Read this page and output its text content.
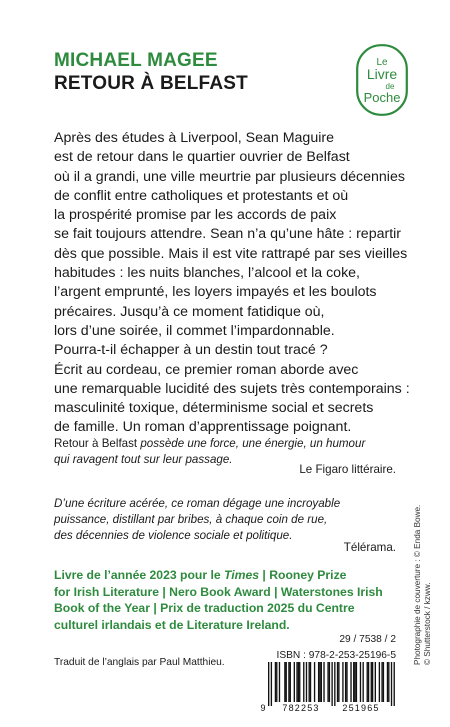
MICHAEL MAGEE
RETOUR À BELFAST
Le
Livre
de
Poche

Après des études à Liverpool, Sean Maguire
est de retour dans le quartier ouvrier de Belfast
où il a grandi, une ville meurtrie par plusieurs décennies
de conflit entre catholiques et protestants et où
la prospérité promise par les accords de paix
se fait toujours attendre. Sean n’a qu’une hâte : repartir
dès que possible. Mais il est vite rattrapé par ses vieilles
habitudes : les nuits blanches, l’alcool et la coke,
l’argent emprunté, les loyers impayés et les boulots
précaires. Jusqu’à ce moment fatidique où,
lors d’une soirée, il commet l’impardonnable.
Pourra-t-il échapper à un destin tout tracé ?
Écrit au cordeau, ce premier roman aborde avec
une remarquable lucidité des sujets très contemporains :
masculinité toxique, déterminisme social et secrets
de famille. Un roman d’apprentissage poignant.

Retour à Belfast possède une force, une énergie, un humour
qui ravagent tout sur leur passage.

Le Figaro littéraire.

D’une écriture acérée, ce roman dégage une incroyable
puissance, distillant par bribes, à chaque coin de rue,
des décennies de violence sociale et politique.

Télérama.

Livre de l’année 2023 pour le Times | Rooney Prize
for Irish Literature | Nero Book Award | Waterstones Irish
Book of the Year | Prix de traduction 2025 du Centre
culturel irlandais et de Literature Ireland.	Photographie de couverture : © Enda Bowe. © Shutterstock / kzww.
29 / 7538 / 2
ISBN : 978-2-253-25196-5

Traduit de l’anglais par Paul Matthieu.

9 782253	251965
